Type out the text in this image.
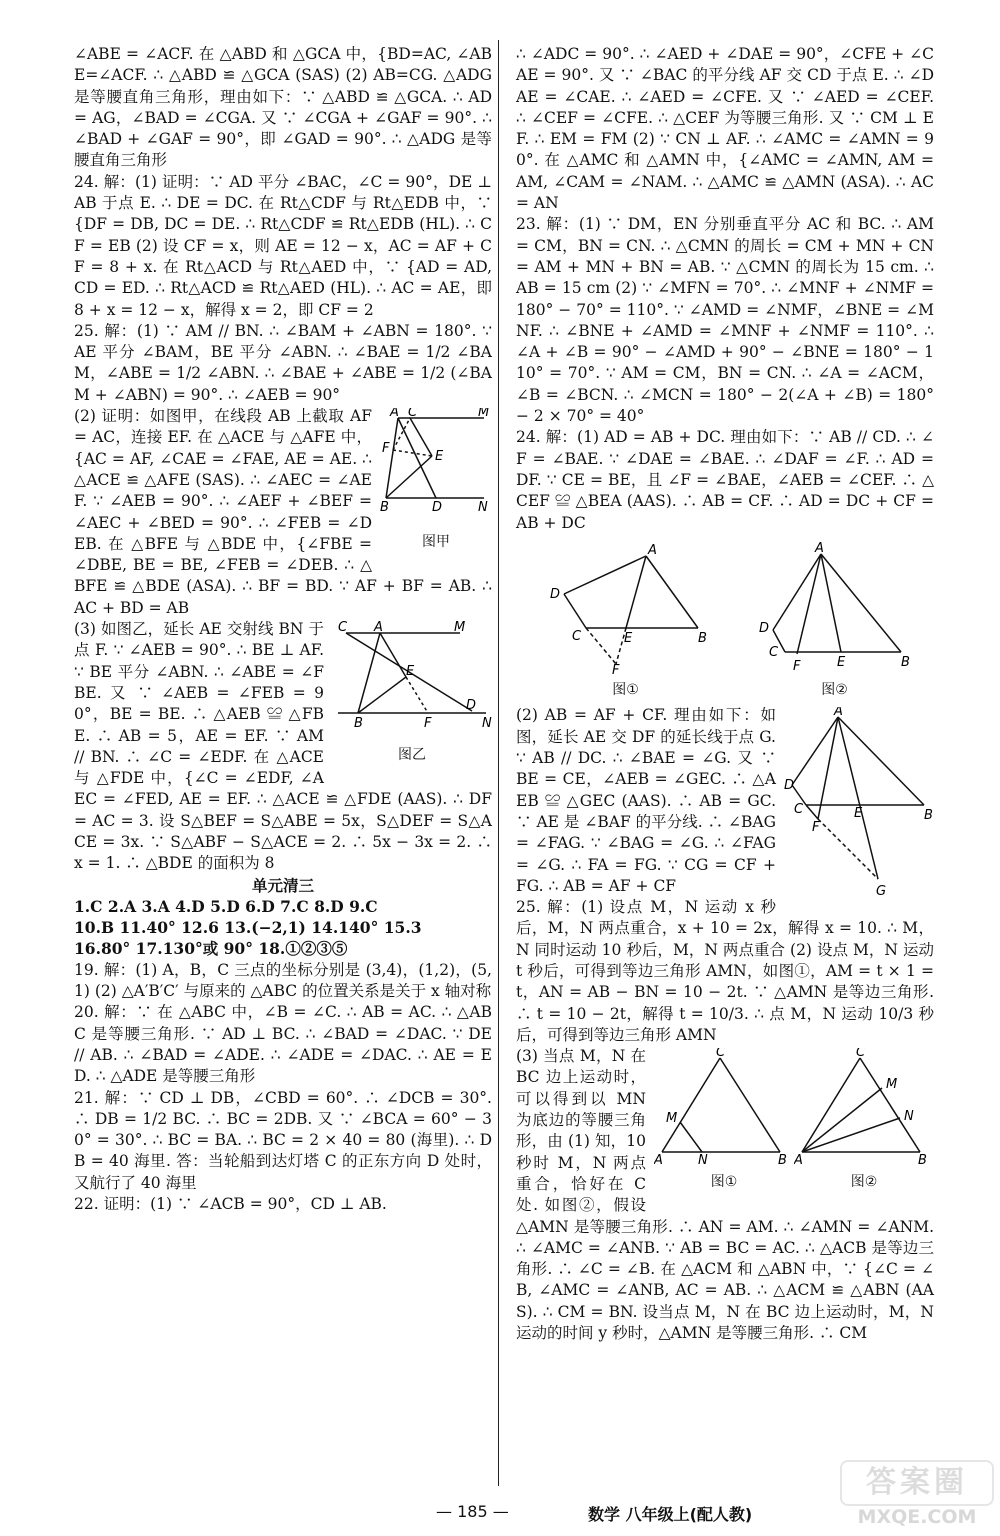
∠ABE = ∠ACF. 在 △ABD 和 △GCA 中，{BD=AC, ∠ABE=∠ACF. ∴ △ABD ≌ △GCA (SAS) (2) AB=CG. △ADG 是等腰直角三角形，理由如下：∵ △ABD ≌ △GCA. ∴ AD = AG，∠BAD = ∠CGA. 又 ∵ ∠CGA + ∠GAF = 90°. ∴ ∠BAD + ∠GAF = 90°，即 ∠GAD = 90°. ∴ △ADG 是等腰直角三角形

24. 解：(1) 证明：∵ AD 平分 ∠BAC，∠C = 90°，DE ⊥ AB 于点 E. ∴ DE = DC. 在 Rt△CDF 与 Rt△EDB 中，∵ {DF = DB, DC = DE. ∴ Rt△CDF ≌ Rt△EDB (HL). ∴ CF = EB (2) 设 CF = x，则 AE = 12 − x，AC = AF + CF = 8 + x. 在 Rt△ACD 与 Rt△AED 中，∵ {AD = AD, CD = ED. ∴ Rt△ACD ≌ Rt△AED (HL). ∴ AC = AE，即 8 + x = 12 − x，解得 x = 2，即 CF = 2

25. 解：(1) ∵ AM // BN. ∴ ∠BAM + ∠ABN = 180°. ∵ AE 平分 ∠BAM，BE 平分 ∠ABN. ∴ ∠BAE = 1/2 ∠BAM，∠ABE = 1/2 ∠ABN. ∴ ∠BAE + ∠ABE = 1/2 (∠BAM + ∠ABN) = 90°. ∴ ∠AEB = 90°

A C	M
F
E
B	D	N
图甲

(2) 证明：如图甲，在线段 AB 上截取 AF = AC，连接 EF. 在 △ACE 与 △AFE 中，{AC = AF, ∠CAE = ∠FAE, AE = AE. ∴ △ACE ≌ △AFE (SAS). ∴ ∠AEC = ∠AEF. ∵ ∠AEB = 90°. ∴ ∠AEF + ∠BEF = ∠AEC + ∠BED = 90°. ∴ ∠FEB = ∠DEB. 在 △BFE 与 △BDE 中，{∠FBE = ∠DBE, BE = BE, ∠FEB = ∠DEB. ∴ △BFE ≌ △BDE (ASA). ∴ BF = BD. ∵ AF + BF = AB. ∴ AC + BD = AB

C A	M
E
D
B	F	N
图乙

(3) 如图乙，延长 AE 交射线 BN 于点 F. ∵ ∠AEB = 90°. ∴ BE ⊥ AF. ∵ BE 平分 ∠ABN. ∴ ∠ABE = ∠FBE. 又 ∵ ∠AEB = ∠FEB = 90°，BE = BE. ∴ △AEB ≌ △FBE. ∴ AB = 5，AE = EF. ∵ AM // BN. ∴ ∠C = ∠EDF. 在 △ACE 与 △FDE 中，{∠C = ∠EDF, ∠AEC = ∠FED, AE = EF. ∴ △ACE ≌ △FDE (AAS). ∴ DF = AC = 3. 设 S△BEF = S△ABE = 5x，S△DEF = S△ACE = 3x. ∵ S△ABF − S△ACE = 2. ∴ 5x − 3x = 2. ∴ x = 1. ∴ △BDE 的面积为 8

单元清三

1.C 2.A 3.A 4.D 5.D 6.D 7.C 8.D 9.C

10.B 11.40° 12.6 13.(−2,1) 14.140° 15.3

16.80° 17.130°或 90° 18.①②③⑤

19. 解：(1) A，B，C 三点的坐标分别是 (3,4)，(1,2)，(5,1) (2) △A′B′C′ 与原来的 △ABC 的位置关系是关于 x 轴对称

20. 解：∵ 在 △ABC 中，∠B = ∠C. ∴ AB = AC. ∴ △ABC 是等腰三角形. ∵ AD ⊥ BC. ∴ ∠BAD = ∠DAC. ∵ DE // AB. ∴ ∠BAD = ∠ADE. ∴ ∠ADE = ∠DAC. ∴ AE = ED. ∴ △ADE 是等腰三角形

21. 解：∵ CD ⊥ DB，∠CBD = 60°. ∴ ∠DCB = 30°. ∴ DB = 1/2 BC. ∴ BC = 2DB. 又 ∵ ∠BCA = 60° − 30° = 30°. ∴ BC = BA. ∴ BC = 2 × 40 = 80 (海里). ∴ DB = 40 海里. 答：当轮船到达灯塔 C 的正东方向 D 处时，又航行了 40 海里

22. 证明：(1) ∵ ∠ACB = 90°，CD ⊥ AB.

∴ ∠ADC = 90°. ∴ ∠AED + ∠DAE = 90°，∠CFE + ∠CAE = 90°. 又 ∵ ∠BAC 的平分线 AF 交 CD 于点 E. ∴ ∠DAE = ∠CAE. ∴ ∠AED = ∠CFE. 又 ∵ ∠AED = ∠CEF. ∴ ∠CEF = ∠CFE. ∴ △CEF 为等腰三角形. 又 ∵ CM ⊥ EF. ∴ EM = FM (2) ∵ CN ⊥ AF. ∴ ∠AMC = ∠AMN = 90°. 在 △AMC 和 △AMN 中，{∠AMC = ∠AMN, AM = AM, ∠CAM = ∠NAM. ∴ △AMC ≌ △AMN (ASA). ∴ AC = AN

23. 解：(1) ∵ DM，EN 分别垂直平分 AC 和 BC. ∴ AM = CM，BN = CN. ∴ △CMN 的周长 = CM + MN + CN = AM + MN + BN = AB. ∵ △CMN 的周长为 15 cm. ∴ AB = 15 cm (2) ∵ ∠MFN = 70°. ∴ ∠MNF + ∠NMF = 180° − 70° = 110°. ∵ ∠AMD = ∠NMF，∠BNE = ∠MNF. ∴ ∠BNE + ∠AMD = ∠MNF + ∠NMF = 110°. ∴ ∠A + ∠B = 90° − ∠AMD + 90° − ∠BNE = 180° − 110° = 70°. ∵ AM = CM，BN = CN. ∴ ∠A = ∠ACM，∠B = ∠BCN. ∴ ∠MCN = 180° − 2(∠A + ∠B) = 180° − 2 × 70° = 40°

24. 解：(1) AD = AB + DC. 理由如下：∵ AB // CD. ∴ ∠F = ∠BAE. ∵ ∠DAE = ∠BAE. ∴ ∠DAF = ∠F. ∴ AD = DF. ∵ CE = BE，且 ∠F = ∠BAE，∠AEB = ∠CEF. ∴ △CEF ≌ △BEA (AAS). ∴ AB = CF. ∴ AD = DC + CF = AB + DC

A
D
C	E	B
F
图①
A
D
C
F	E	B
图②
A
D
C
F
E	B
G

(2) AB = AF + CF. 理由如下：如图，延长 AE 交 DF 的延长线于点 G. ∵ AB // DC. ∴ ∠BAE = ∠G. 又 ∵ BE = CE，∠AEB = ∠GEC. ∴ △AEB ≌ △GEC (AAS). ∴ AB = GC. ∵ AE 是 ∠BAF 的平分线. ∴ ∠BAG = ∠FAG. ∵ ∠BAG = ∠G. ∴ ∠FAG = ∠G. ∴ FA = FG. ∵ CG = CF + FG. ∴ AB = AF + CF

25. 解：(1) 设点 M，N 运动 x 秒后，M，N 两点重合，x + 10 = 2x，解得 x = 10. ∴ M，N 同时运动 10 秒后，M，N 两点重合 (2) 设点 M，N 运动 t 秒后，可得到等边三角形 AMN，如图①，AM = t × 1 = t，AN = AB − BN = 10 − 2t. ∵ △AMN 是等边三角形. ∴ t = 10 − 2t，解得 t = 10/3. ∴ 点 M，N 运动 10/3 秒后，可得到等边三角形 AMN

C
M
A	N	B
图①
C
M
N
A	B
图②

(3) 当点 M，N 在 BC 边上运动时，可以得到以 MN 为底边的等腰三角形，由 (1) 知，10 秒时 M，N 两点重合，恰好在 C 处. 如图②，假设 △AMN 是等腰三角形. ∴ AN = AM. ∴ ∠AMN = ∠ANM. ∴ ∠AMC = ∠ANB. ∵ AB = BC = AC. ∴ △ACB 是等边三角形. ∴ ∠C = ∠B. 在 △ACM 和 △ABN 中，∵ {∠C = ∠B, ∠AMC = ∠ANB, AC = AB. ∴ △ACM ≌ △ABN (AAS). ∴ CM = BN. 设当点 M，N 在 BC 边上运动时，M，N 运动的时间 y 秒时，△AMN 是等腰三角形. ∴ CM

— 185 —	数学 八年级上(配人教)
答案圈
MXQE.COM
